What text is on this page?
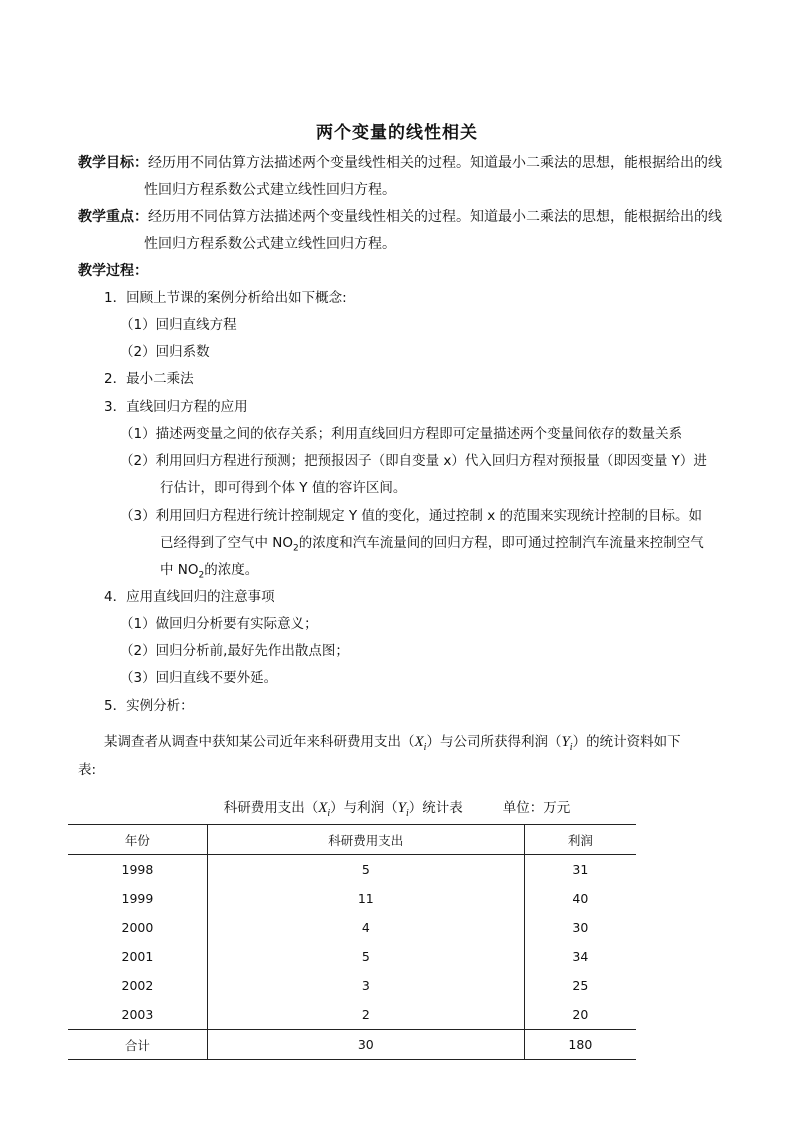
两个变量的线性相关
教学目标：经历用不同估算方法描述两个变量线性相关的过程。知道最小二乘法的思想，能根据给出的线
性回归方程系数公式建立线性回归方程。
教学重点：经历用不同估算方法描述两个变量线性相关的过程。知道最小二乘法的思想，能根据给出的线
性回归方程系数公式建立线性回归方程。
教学过程：
1．回顾上节课的案例分析给出如下概念:
（1）回归直线方程
（2）回归系数
2．最小二乘法
3．直线回归方程的应用
（1）描述两变量之间的依存关系；利用直线回归方程即可定量描述两个变量间依存的数量关系
（2）利用回归方程进行预测；把预报因子（即自变量 x）代入回归方程对预报量（即因变量 Y）进
行估计，即可得到个体 Y 值的容许区间。
（3）利用回归方程进行统计控制规定 Y 值的变化，通过控制 x 的范围来实现统计控制的目标。如
已经得到了空气中 $NO_2$的浓度和汽车流量间的回归方程，即可通过控制汽车流量来控制空气
中 $NO_2$的浓度。
4．应用直线回归的注意事项
（1）做回归分析要有实际意义；
（2）回归分析前,最好先作出散点图；
（3）回归直线不要外延。
5．实例分析：
某调查者从调查中获知某公司近年来科研费用支出$(X_i)$与公司所获得利润$(Y_i)$的统计资料如下
表:
科研费用支出$(X_i)$与利润$(Y_i)$统计表	单位：万元
年份	科研费用支出	利润
1998	5	31
1999	11	40
2000	4	30
2001	5	34
2002	3	25
2003	2	20
合计	30	180
